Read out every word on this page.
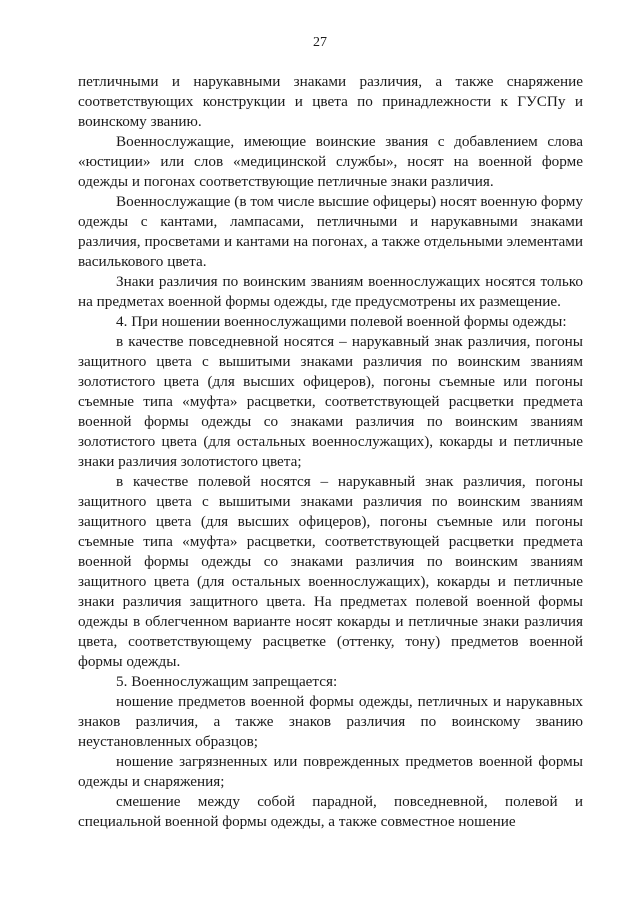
27

петличными и нарукавными знаками различия, а также снаряжение соответствующих конструкции и цвета по принадлежности к ГУСПу и воинскому званию.

Военнослужащие, имеющие воинские звания с добавлением слова «юстиции» или слов «медицинской службы», носят на военной форме одежды и погонах соответствующие петличные знаки различия.

Военнослужащие (в том числе высшие офицеры) носят военную форму одежды с кантами, лампасами, петличными и нарукавными знаками различия, просветами и кантами на погонах, а также отдельными элементами василькового цвета.

Знаки различия по воинским званиям военнослужащих носятся только на предметах военной формы одежды, где предусмотрены их размещение.

4. При ношении военнослужащими полевой военной формы одежды:

в качестве повседневной носятся – нарукавный знак различия, погоны защитного цвета с вышитыми знаками различия по воинским званиям золотистого цвета (для высших офицеров), погоны съемные или погоны съемные типа «муфта» расцветки, соответствующей расцветки предмета военной формы одежды со знаками различия по воинским званиям золотистого цвета (для остальных военнослужащих), кокарды и петличные знаки различия золотистого цвета;

в качестве полевой носятся – нарукавный знак различия, погоны защитного цвета с вышитыми знаками различия по воинским званиям защитного цвета (для высших офицеров), погоны съемные или погоны съемные типа «муфта» расцветки, соответствующей расцветки предмета военной формы одежды со знаками различия по воинским званиям защитного цвета (для остальных военнослужащих), кокарды и петличные знаки различия защитного цвета. На предметах полевой военной формы одежды в облегченном варианте носят кокарды и петличные знаки различия цвета, соответствующему расцветке (оттенку, тону) предметов военной формы одежды.

5. Военнослужащим запрещается:

ношение предметов военной формы одежды, петличных и нарукавных знаков различия, а также знаков различия по воинскому званию неустановленных образцов;

ношение загрязненных или поврежденных предметов военной формы одежды и снаряжения;

смешение между собой парадной, повседневной, полевой и специальной военной формы одежды, а также совместное ношение
